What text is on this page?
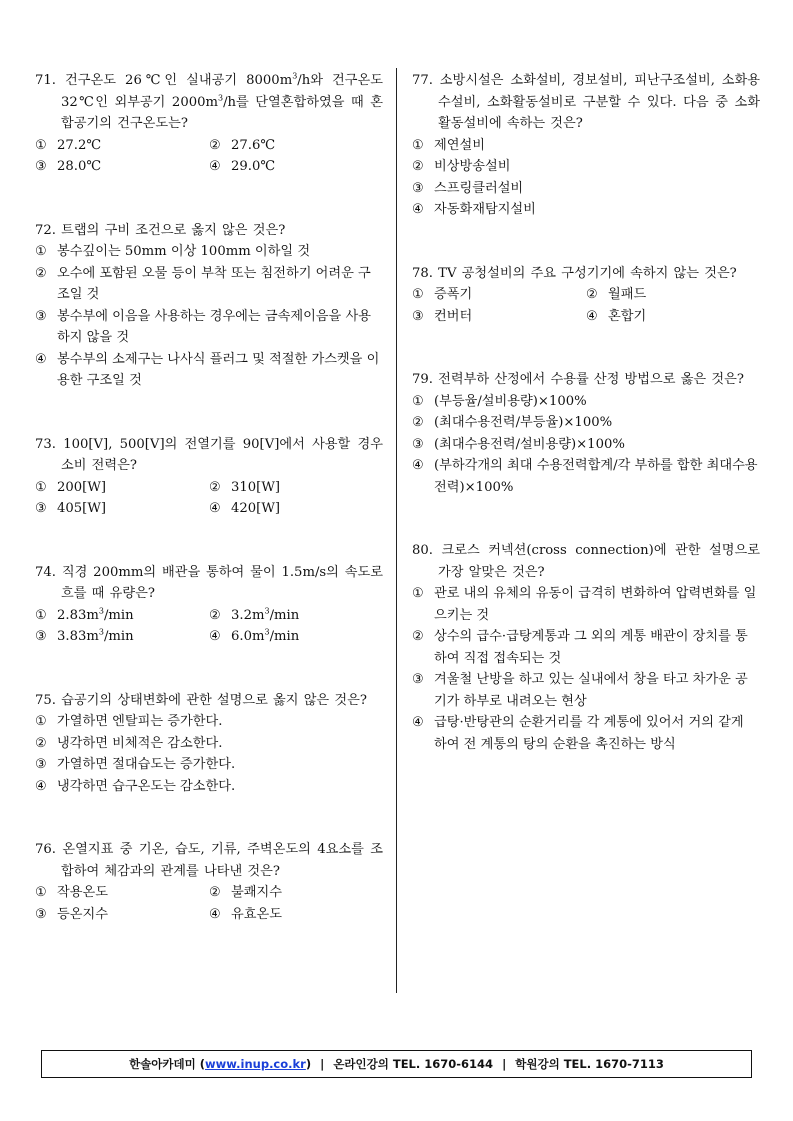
71. 건구온도 26℃인 실내공기 $8000m^3/h$와 건구온도 32℃인 외부공기 $2000m^3/h$를 단열혼합하였을 때 혼합공기의 건구온도는?
① 27.2℃	② 27.6℃
③ 28.0℃	④ 29.0℃
72. 트랩의 구비 조건으로 옳지 않은 것은?
① 봉수깊이는 50mm 이상 100mm 이하일 것
② 오수에 포함된 오물 등이 부착 또는 침전하기 어려운 구조일 것
③ 봉수부에 이음을 사용하는 경우에는 금속제이음을 사용하지 않을 것
④ 봉수부의 소제구는 나사식 플러그 및 적절한 가스켓을 이용한 구조일 것
73. 100[V], 500[V]의 전열기를 90[V]에서 사용할 경우 소비 전력은?
① 200[W]	② 310[W]
③ 405[W]	④ 420[W]
74. 직경 200mm의 배관을 통하여 물이 1.5m/s의 속도로 흐를 때 유량은?
① $2.83m^3/\min$	② $3.2m^3/\min$
③ $3.83m^3/\min$	④ $6.0m^3/\min$
75. 습공기의 상태변화에 관한 설명으로 옳지 않은 것은?
① 가열하면 엔탈피는 증가한다.
② 냉각하면 비체적은 감소한다.
③ 가열하면 절대습도는 증가한다.
④ 냉각하면 습구온도는 감소한다.
76. 온열지표 중 기온, 습도, 기류, 주벽온도의 4요소를 조합하여 체감과의 관계를 나타낸 것은?
① 작용온도	② 불쾌지수
③ 등온지수	④ 유효온도
77. 소방시설은 소화설비, 경보설비, 피난구조설비, 소화용수설비, 소화활동설비로 구분할 수 있다. 다음 중 소화활동설비에 속하는 것은?
① 제연설비
② 비상방송설비
③ 스프링클러설비
④ 자동화재탐지설비
78. TV 공청설비의 주요 구성기기에 속하지 않는 것은?
① 증폭기	② 월패드
③ 컨버터	④ 혼합기
79. 전력부하 산정에서 수용률 산정 방법으로 옳은 것은?
① (부등율/설비용량)×100%
② (최대수용전력/부등율)×100%
③ (최대수용전력/설비용량)×100%
④ (부하각개의 최대 수용전력합계/각 부하를 합한 최대수용전력)×100%
80. 크로스 커넥션(cross connection)에 관한 설명으로 가장 알맞은 것은?
① 관로 내의 유체의 유동이 급격히 변화하여 압력변화를 일으키는 것
② 상수의 급수·급탕계통과 그 외의 계통 배관이 장치를 통하여 직접 접속되는 것
③ 겨울철 난방을 하고 있는 실내에서 창을 타고 차가운 공기가 하부로 내려오는 현상
④ 급탕·반탕관의 순환거리를 각 계통에 있어서 거의 같게 하여 전 계통의 탕의 순환을 촉진하는 방식
한솔아카데미 ( www.inup.co.kr ) | 온라인강의 TEL. 1670-6144 | 학원강의 TEL. 1670-7113
